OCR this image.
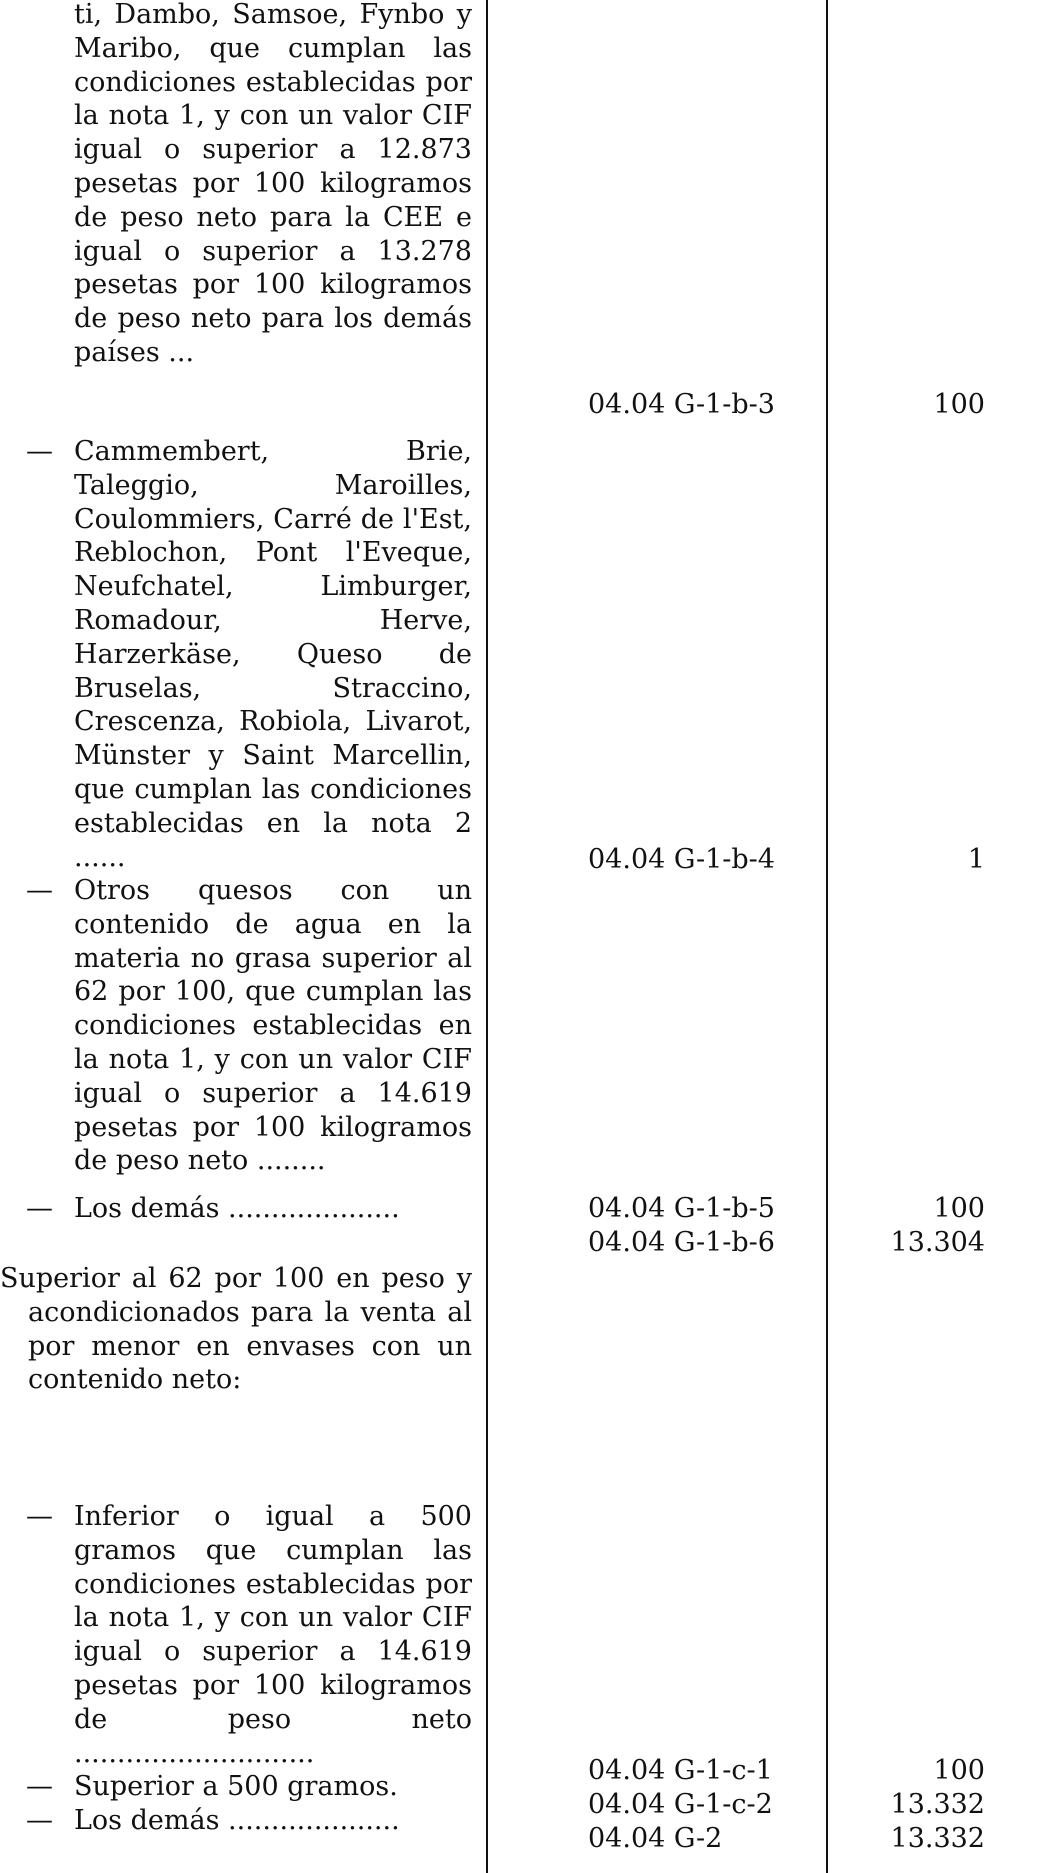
ti, Dambo, Samsoe, Fynbo y Maribo, que cumplan las condiciones establecidas por la nota 1, y con un valor CIF igual o superior a 12.873 pesetas por 100 kilogramos de peso neto para la CEE e igual o superior a 13.278 pesetas por 100 kilogramos de peso neto para los demás países ...
— Cammembert, Brie, Taleggio, Maroilles, Coulommiers, Carré de l'Est, Reblochon, Pont l'Eveque, Neufchatel, Limburger, Romadour, Herve, Harzerkäse, Queso de Bruselas, Straccino, Crescenza, Robiola, Livarot, Münster y Saint Marcellin, que cumplan las condiciones establecidas en la nota 2 ......
— Otros quesos con un contenido de agua en la materia no grasa superior al 62 por 100, que cumplan las condiciones establecidas en la nota 1, y con un valor CIF igual o superior a 14.619 pesetas por 100 kilogramos de peso neto ........
— Los demás ....................
Superior al 62 por 100 en peso y acondicionados para la venta al por menor en envases con un contenido neto:
— Inferior o igual a 500 gramos que cumplan las condiciones establecidas por la nota 1, y con un valor CIF igual o superior a 14.619 pesetas por 100 kilogramos de peso neto ............................
— Superior a 500 gramos.
— Los demás ....................
04.04 G-1-b-3
04.04 G-1-b-4
04.04 G-1-b-5
04.04 G-1-b-6
04.04 G-1-c-1
04.04 G-1-c-2
04.04 G-2
100
1
100
13.304
100
13.332
13.332
